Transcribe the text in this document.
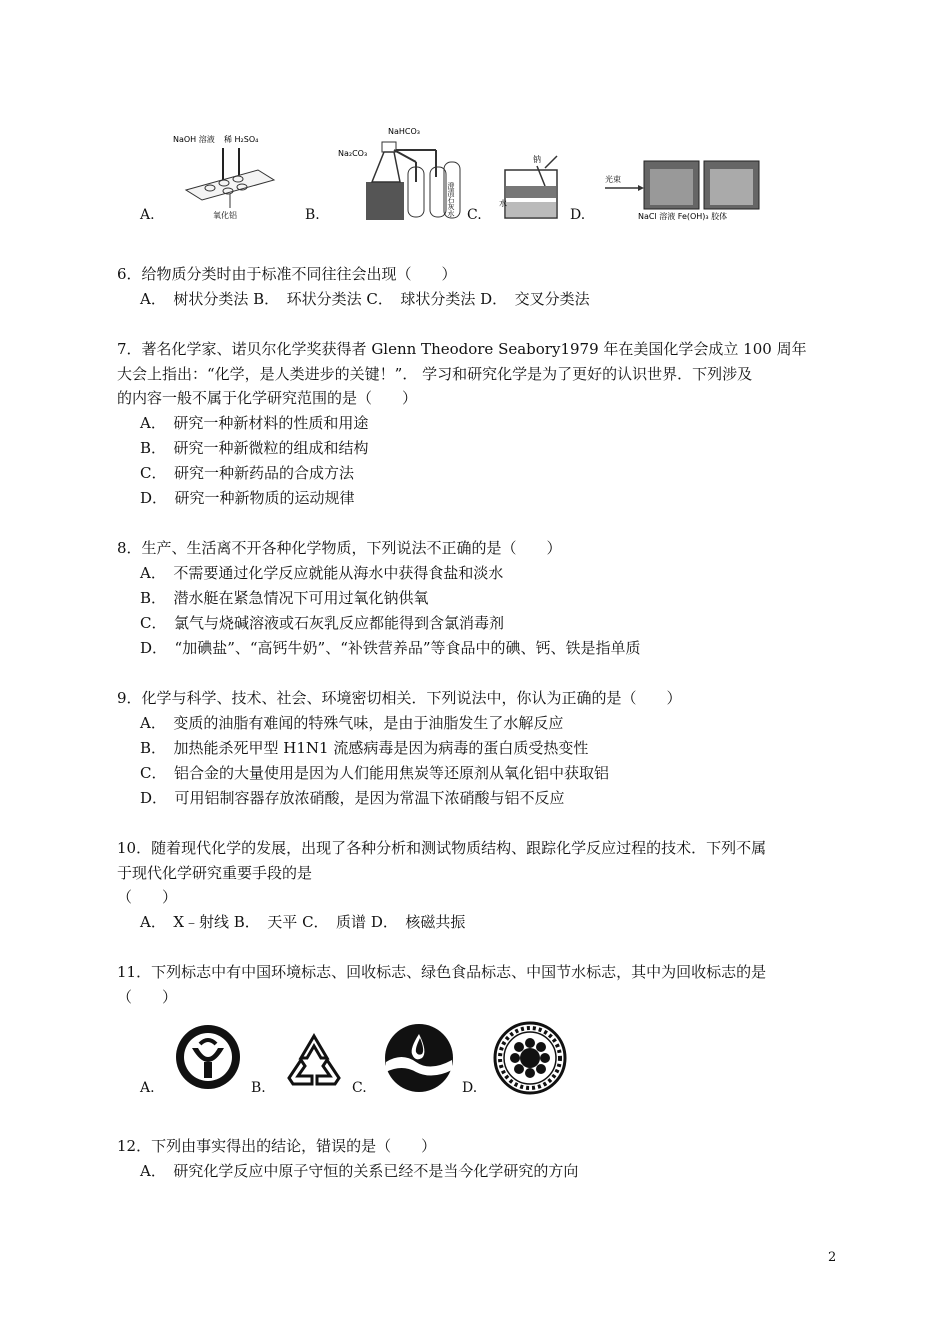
A.
NaOH 溶液 稀 H₂SO₄
氧化铝	B.
NaHCO₃
Na₂CO₃
澄清石灰水 C.
钠
水
D.
光束
NaCl 溶液 Fe(OH)₃ 胶体
6．给物质分类时由于标准不同往往会出现（　　）
A．　树状分类法 B．　环状分类法 C．　球状分类法 D．　交叉分类法
7．著名化学家、诺贝尔化学奖获得者 Glenn Theodore Seabory1979 年在美国化学会成立 100 周年
大会上指出：“化学，是人类进步的关键！”． 学习和研究化学是为了更好的认识世界．下列涉及
的内容一般不属于化学研究范围的是（　　）
A．　研究一种新材料的性质和用途
B．　研究一种新微粒的组成和结构
C．　研究一种新药品的合成方法
D．　研究一种新物质的运动规律
8．生产、生活离不开各种化学物质，下列说法不正确的是（　　）
A．　不需要通过化学反应就能从海水中获得食盐和淡水
B．　潜水艇在紧急情况下可用过氧化钠供氧
C．　氯气与烧碱溶液或石灰乳反应都能得到含氯消毒剂
D．　“加碘盐”、“高钙牛奶”、“补铁营养品”等食品中的碘、钙、铁是指单质
9．化学与科学、技术、社会、环境密切相关．下列说法中，你认为正确的是（　　）
A．　变质的油脂有难闻的特殊气味，是由于油脂发生了水解反应
B．　加热能杀死甲型 H1N1 流感病毒是因为病毒的蛋白质受热变性
C．　铝合金的大量使用是因为人们能用焦炭等还原剂从氧化铝中获取铝
D．　可用铝制容器存放浓硝酸，是因为常温下浓硝酸与铝不反应
10．随着现代化学的发展，出现了各种分析和测试物质结构、跟踪化学反应过程的技术．下列不属
于现代化学研究重要手段的是
（　　）
A．　X﹣射线 B．　天平 C．　质谱 D．　核磁共振
11．下列标志中有中国环境标志、回收标志、绿色食品标志、中国节水标志，其中为回收标志的是
（　　）
A.	B.	C.	D.
12．下列由事实得出的结论，错误的是（　　）
A．　研究化学反应中原子守恒的关系已经不是当今化学研究的方向
2
